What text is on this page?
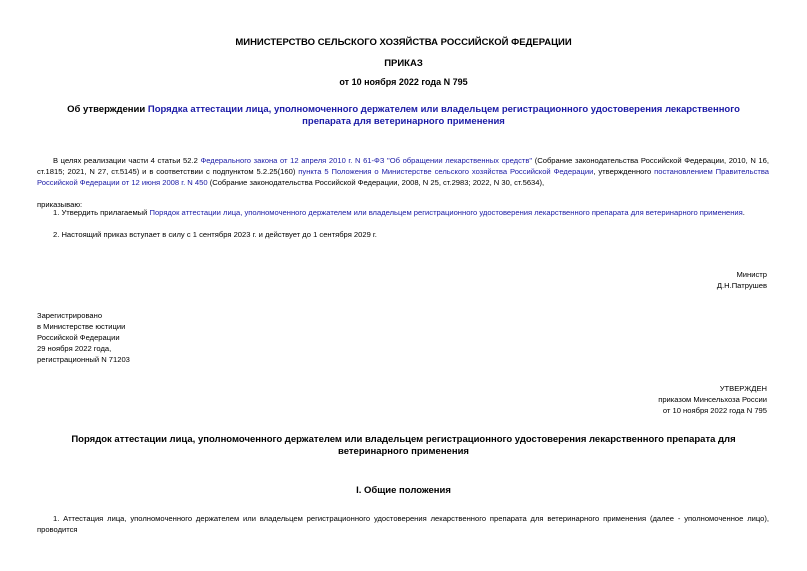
МИНИСТЕРСТВО СЕЛЬСКОГО ХОЗЯЙСТВА РОССИЙСКОЙ ФЕДЕРАЦИИ
ПРИКАЗ
от 10 ноября 2022 года N 795
Об утверждении Порядка аттестации лица, уполномоченного держателем или владельцем регистрационного удостоверения лекарственного препарата для ветеринарного применения
В целях реализации части 4 статьи 52.2 Федерального закона от 12 апреля 2010 г. N 61-ФЗ "Об обращении лекарственных средств" (Собрание законодательства Российской Федерации, 2010, N 16, ст.1815; 2021, N 27, ст.5145) и в соответствии с подпунктом 5.2.25(160) пункта 5 Положения о Министерстве сельского хозяйства Российской Федерации, утвержденного постановлением Правительства Российской Федерации от 12 июня 2008 г. N 450 (Собрание законодательства Российской Федерации, 2008, N 25, ст.2983; 2022, N 30, ст.5634),
приказываю:
1. Утвердить прилагаемый Порядок аттестации лица, уполномоченного держателем или владельцем регистрационного удостоверения лекарственного препарата для ветеринарного применения.
2. Настоящий приказ вступает в силу с 1 сентября 2023 г. и действует до 1 сентября 2029 г.
Министр
Д.Н.Патрушев
Зарегистрировано
в Министерстве юстиции
Российской Федерации
29 ноября 2022 года,
регистрационный N 71203
УТВЕРЖДЕН
приказом Минсельхоза России
от 10 ноября 2022 года N 795
Порядок аттестации лица, уполномоченного держателем или владельцем регистрационного удостоверения лекарственного препарата для ветеринарного применения
I. Общие положения
1. Аттестация лица, уполномоченного держателем или владельцем регистрационного удостоверения лекарственного препарата для ветеринарного применения (далее - уполномоченное лицо), проводится
